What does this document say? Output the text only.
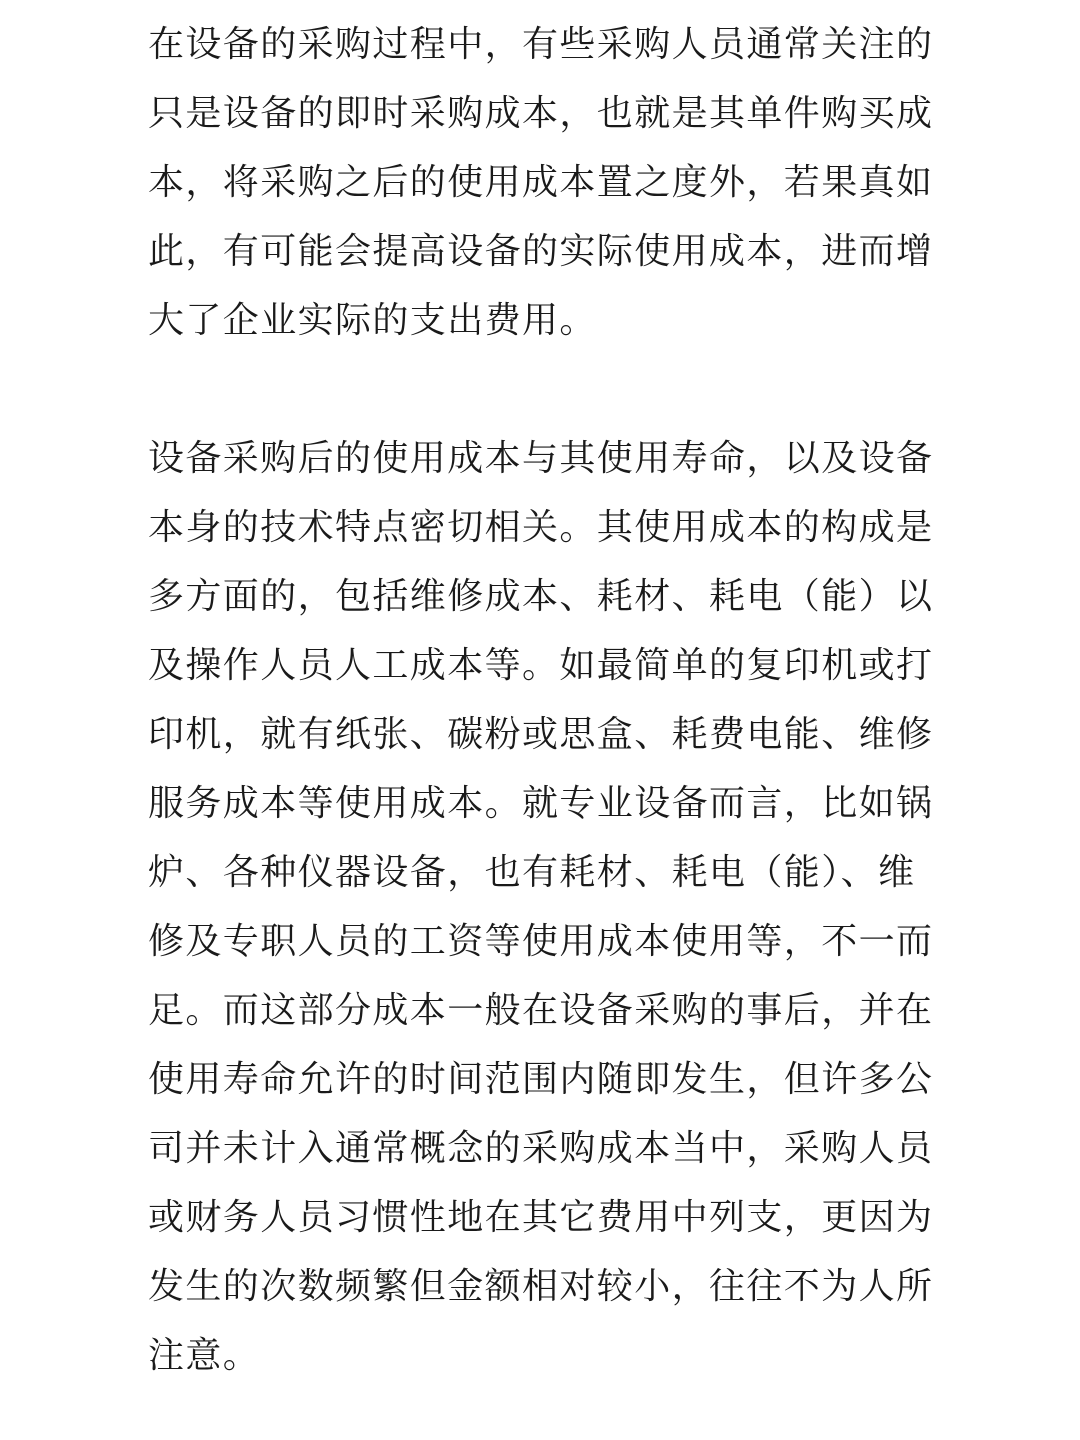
在设备的采购过程中，有些采购人员通常关注的
只是设备的即时采购成本，也就是其单件购买成
本，将采购之后的使用成本置之度外，若果真如
此，有可能会提高设备的实际使用成本，进而增
大了企业实际的支出费用。

设备采购后的使用成本与其使用寿命，以及设备
本身的技术特点密切相关。其使用成本的构成是
多方面的，包括维修成本、耗材、耗电（能）以
及操作人员人工成本等。如最简单的复印机或打
印机，就有纸张、碳粉或思盒、耗费电能、维修
服务成本等使用成本。就专业设备而言，比如锅
炉、各种仪器设备，也有耗材、耗电（能）、维
修及专职人员的工资等使用成本使用等，不一而
足。而这部分成本一般在设备采购的事后，并在
使用寿命允许的时间范围内随即发生，但许多公
司并未计入通常概念的采购成本当中，采购人员
或财务人员习惯性地在其它费用中列支，更因为
发生的次数频繁但金额相对较小，往往不为人所
注意。
